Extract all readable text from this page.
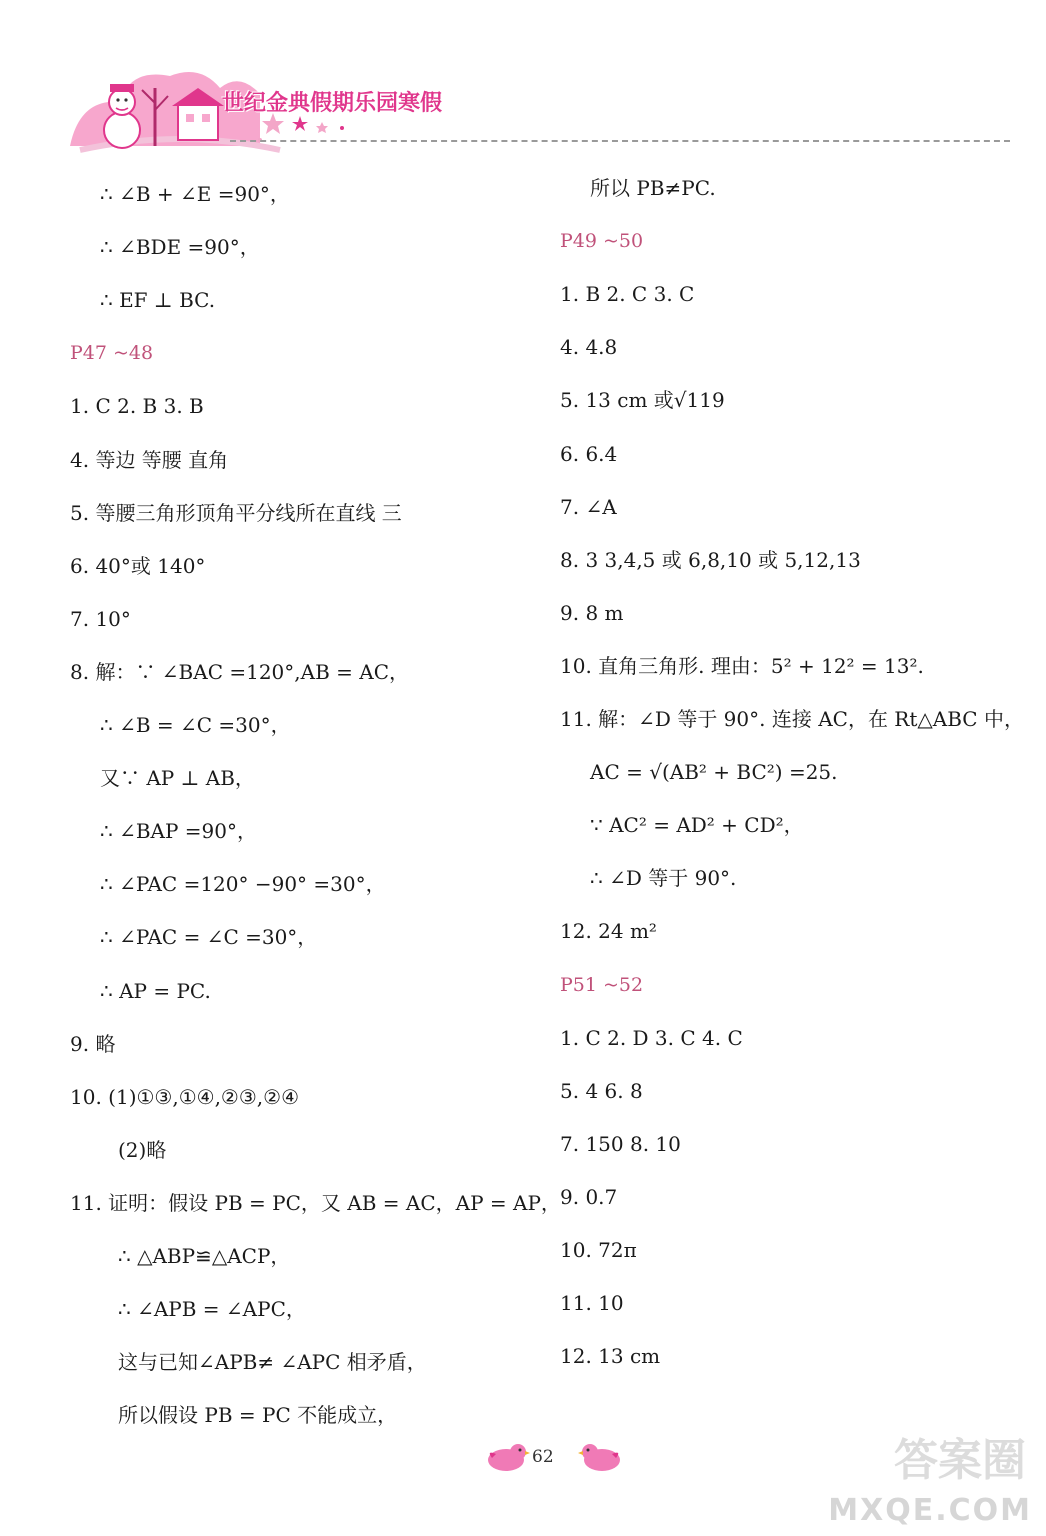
世纪金典假期乐园寒假
∴ ∠B + ∠E =90°，
∴ ∠BDE =90°，
∴ EF ⊥ BC.
P47 ~48
1. C 2. B 3. B
4. 等边 等腰 直角
5. 等腰三角形顶角平分线所在直线 三
6. 40°或 140°
7. 10°
8. 解：∵ ∠BAC =120°,AB = AC，
∴ ∠B = ∠C =30°，
又∵ AP ⊥ AB，
∴ ∠BAP =90°，
∴ ∠PAC =120° −90° =30°，
∴ ∠PAC = ∠C =30°，
∴ AP = PC.
9. 略
10. (1)①③,①④,②③,②④
(2)略
11. 证明：假设 PB = PC，又 AB = AC，AP = AP，
∴ △ABP≌△ACP，
∴ ∠APB = ∠APC，
这与已知∠APB≠ ∠APC 相矛盾，
所以假设 PB = PC 不能成立，
所以 PB≠PC.
P49 ~50
1. B 2. C 3. C
4. 4.8
5. 13 cm 或√119
6. 6.4
7. ∠A
8. 3 3,4,5 或 6,8,10 或 5,12,13
9. 8 m
10. 直角三角形. 理由：5² + 12² = 13².
11. 解：∠D 等于 90°. 连接 AC，在 Rt△ABC 中，
AC = √(AB² + BC²) =25.
∵ AC² = AD² + CD²，
∴ ∠D 等于 90°.
12. 24 m²
P51 ~52
1. C 2. D 3. C 4. C
5. 4 6. 8
7. 150 8. 10
9. 0.7
10. 72π
11. 10
12. 13 cm
62	答案圈
MXQE.COM
